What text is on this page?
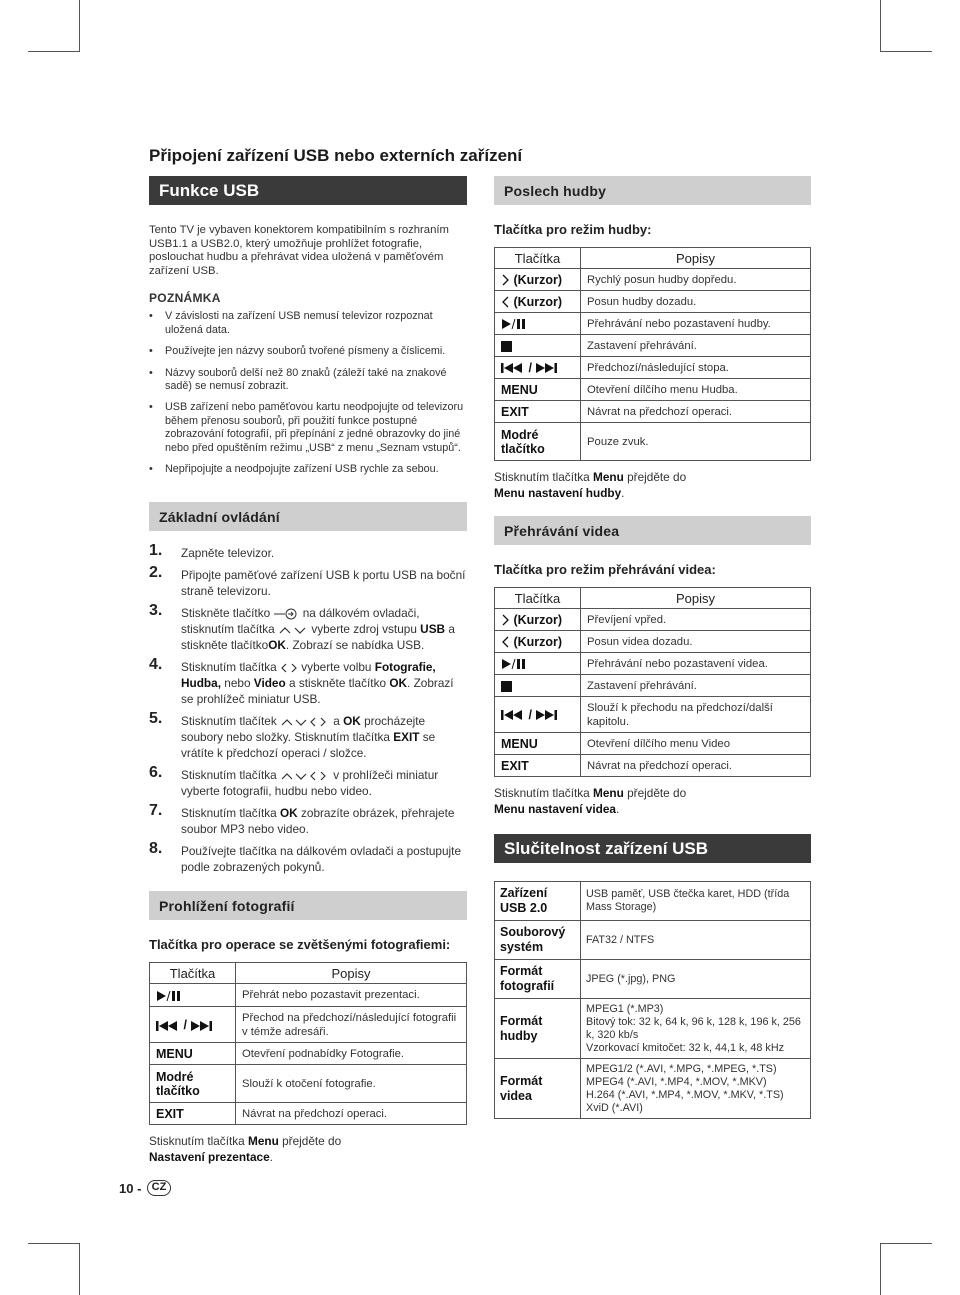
Připojení zařízení USB nebo externích zařízení
Funkce USB

Tento TV je vybaven konektorem kompatibilním s rozhraním USB1.1 a USB2.0, který umožňuje prohlížet fotografie, poslouchat hudbu a přehrávat videa uložená v paměťovém zařízení USB.

POZNÁMKA
• V závislosti na zařízení USB nemusí televizor rozpoznat uložená data.
• Používejte jen názvy souborů tvořené písmeny a číslicemi.
• Názvy souborů delší než 80 znaků (záleží také na znakové sadě) se nemusí zobrazit.
• USB zařízení nebo paměťovou kartu neodpojujte od televizoru během přenosu souborů, při použití funkce postupné zobrazování fotografií, při přepínání z jedné obrazovky do jiné nebo před opuštěním režimu „USB“ z menu „Seznam vstupů“.
• Nepřipojujte a neodpojujte zařízení USB rychle za sebou.
Základní ovládání
1. Zapněte televizor.
2. Připojte paměťové zařízení USB k portu USB na boční straně televizoru.
3. Stiskněte tlačítko	na dálkovém ovladači, stisknutím tlačítka	vyberte zdroj vstupu USB a stiskněte tlačítkoOK. Zobrazí se nabídka USB.
4. Stisknutím tlačítka vyberte volbu Fotografie, Hudba, nebo Video a stiskněte tlačítko OK. Zobrazí se prohlížeč miniatur USB.
5. Stisknutím tlačítek	a OK procházejte soubory nebo složky. Stisknutím tlačítka EXIT se vrátíte k předchozí operaci / složce.
6. Stisknutím tlačítka	v prohlížeči miniatur vyberte fotografii, hudbu nebo video.
7. Stisknutím tlačítka OK zobrazíte obrázek, přehrajete soubor MP3 nebo video.
8. Používejte tlačítka na dálkovém ovladači a postupujte podle zobrazených pokynů.
Prohlížení fotografií
Tlačítka pro operace se zvětšenými fotografiemi:
Tlačítka	Popisy

	Přehrát nebo pozastavit prezentaci.

/	Přechod na předchozí/následující fotografii v témže adresáři.
MENU	Otevření podnabídky Fotografie.
Modré tlačítko	Slouží k otočení fotografie.
EXIT	Návrat na předchozí operaci.

Stisknutím tlačítka Menu přejděte do Nastavení prezentace.

Poslech hudby
Tlačítka pro režim hudby:
Tlačítka	Popisy

(Kurzor)	Rychlý posun hudby dopředu.

(Kurzor)	Posun hudby dozadu.

	Přehrávání nebo pozastavení hudby.

	Zastavení přehrávání.

/	Předchozí/následující stopa.
MENU	Otevření dílčího menu Hudba.
EXIT	Návrat na předchozí operaci.
Modré tlačítko	Pouze zvuk.

Stisknutím tlačítka Menu přejděte do Menu nastavení hudby.

Přehrávání videa
Tlačítka pro režim přehrávání videa:
Tlačítka	Popisy

(Kurzor)	Převíjení vpřed.

(Kurzor)	Posun videa dozadu.

	Přehrávání nebo pozastavení videa.

	Zastavení přehrávání.

/	Slouží k přechodu na předchozí/další kapitolu.
MENU	Otevření dílčího menu Video
EXIT	Návrat na předchozí operaci.

Stisknutím tlačítka Menu přejděte do Menu nastavení videa.

Slučitelnost zařízení USB
Zařízení USB 2.0	USB paměť, USB čtečka karet, HDD (třída Mass Storage)
Souborový systém	FAT32 / NTFS
Formát fotografií	JPEG (*.jpg), PNG
Formát hudby	MPEG1 (*.MP3)
Bitový tok: 32 k, 64 k, 96 k, 128 k, 196 k, 256 k, 320 kb/s
Vzorkovací kmitočet: 32 k, 44,1 k, 48 kHz
Formát videa	MPEG1/2 (*.AVI, *.MPG, *.MPEG, *.TS)
MPEG4 (*.AVI, *.MP4, *.MOV, *.MKV)
H.264 (*.AVI, *.MP4, *.MOV, *.MKV, *.TS)
XviD (*.AVI)
10 - CZ
